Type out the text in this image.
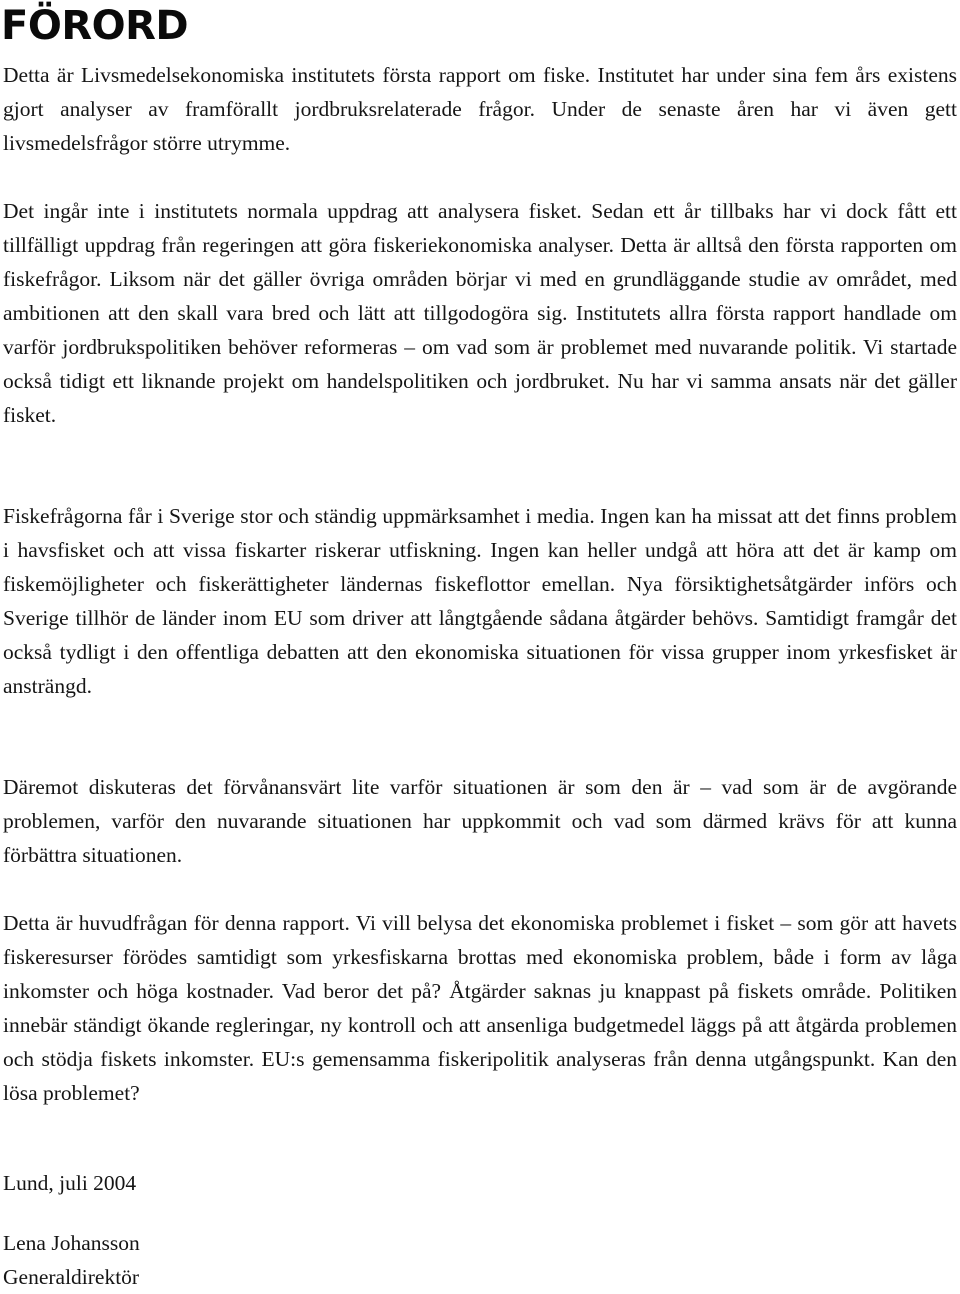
FÖRORD

Detta är Livsmedelsekonomiska institutets första rapport om fiske. Institutet har under sina fem års existens gjort analyser av framförallt jordbruksrelaterade frågor. Under de senaste åren har vi även gett livsmedelsfrågor större utrymme.

Det ingår inte i institutets normala uppdrag att analysera fisket. Sedan ett år tillbaks har vi dock fått ett tillfälligt uppdrag från regeringen att göra fiskeriekonomiska analyser. Detta är alltså den första rapporten om fiskefrågor. Liksom när det gäller övriga områden börjar vi med en grundläggande studie av området, med ambitionen att den skall vara bred och lätt att tillgodogöra sig. Institutets allra första rapport handlade om varför jordbrukspolitiken behöver reformeras – om vad som är problemet med nuvarande politik. Vi startade också tidigt ett liknande projekt om handelspolitiken och jordbruket. Nu har vi samma ansats när det gäller fisket.

Fiskefrågorna får i Sverige stor och ständig uppmärksamhet i media. Ingen kan ha missat att det finns problem i havsfisket och att vissa fiskarter riskerar utfiskning. Ingen kan heller undgå att höra att det är kamp om fiskemöjligheter och fiskerättigheter ländernas fiskeflottor emellan. Nya försiktighetsåtgärder införs och Sverige tillhör de länder inom EU som driver att långtgående sådana åtgärder behövs. Samtidigt framgår det också tydligt i den offentliga debatten att den ekonomiska situationen för vissa grupper inom yrkesfisket är ansträngd.

Däremot diskuteras det förvånansvärt lite varför situationen är som den är – vad som är de avgörande problemen, varför den nuvarande situationen har uppkommit och vad som därmed krävs för att kunna förbättra situationen.

Detta är huvudfrågan för denna rapport. Vi vill belysa det ekonomiska problemet i fisket – som gör att havets fiskeresurser förödes samtidigt som yrkesfiskarna brottas med ekonomiska problem, både i form av låga inkomster och höga kostnader. Vad beror det på? Åtgärder saknas ju knappast på fiskets område. Politiken innebär ständigt ökande regleringar, ny kontroll och att ansenliga budgetmedel läggs på att åtgärda problemen och stödja fiskets inkomster. EU:s gemensamma fiskeripolitik analyseras från denna utgångspunkt. Kan den lösa problemet?

Lund, juli 2004

Lena Johansson

Generaldirektör
